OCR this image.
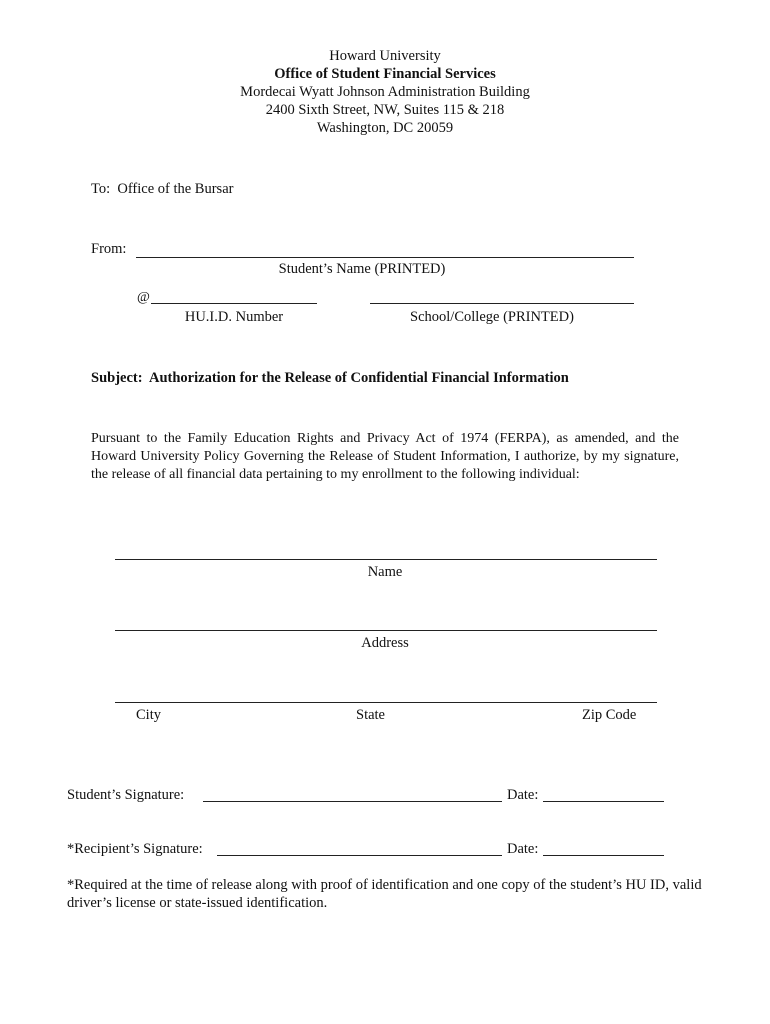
Howard University
Office of Student Financial Services
Mordecai Wyatt Johnson Administration Building
2400 Sixth Street, NW, Suites 115 & 218
Washington, DC 20059
To:  Office of the Bursar
From:
Student’s Name (PRINTED)
@
HU.I.D. Number	School/College (PRINTED)
Subject:  Authorization for the Release of Confidential Financial Information
Pursuant to the Family Education Rights and Privacy Act of 1974 (FERPA), as amended, and the Howard University Policy Governing the Release of Student Information, I authorize, by my signature, the release of all financial data pertaining to my enrollment to the following individual:
Name
Address
City	State	Zip Code
Student’s Signature:	Date:
*Recipient’s Signature:	Date:
*Required at the time of release along with proof of identification and one copy of the student’s HU ID, valid driver’s license or state-issued identification.
